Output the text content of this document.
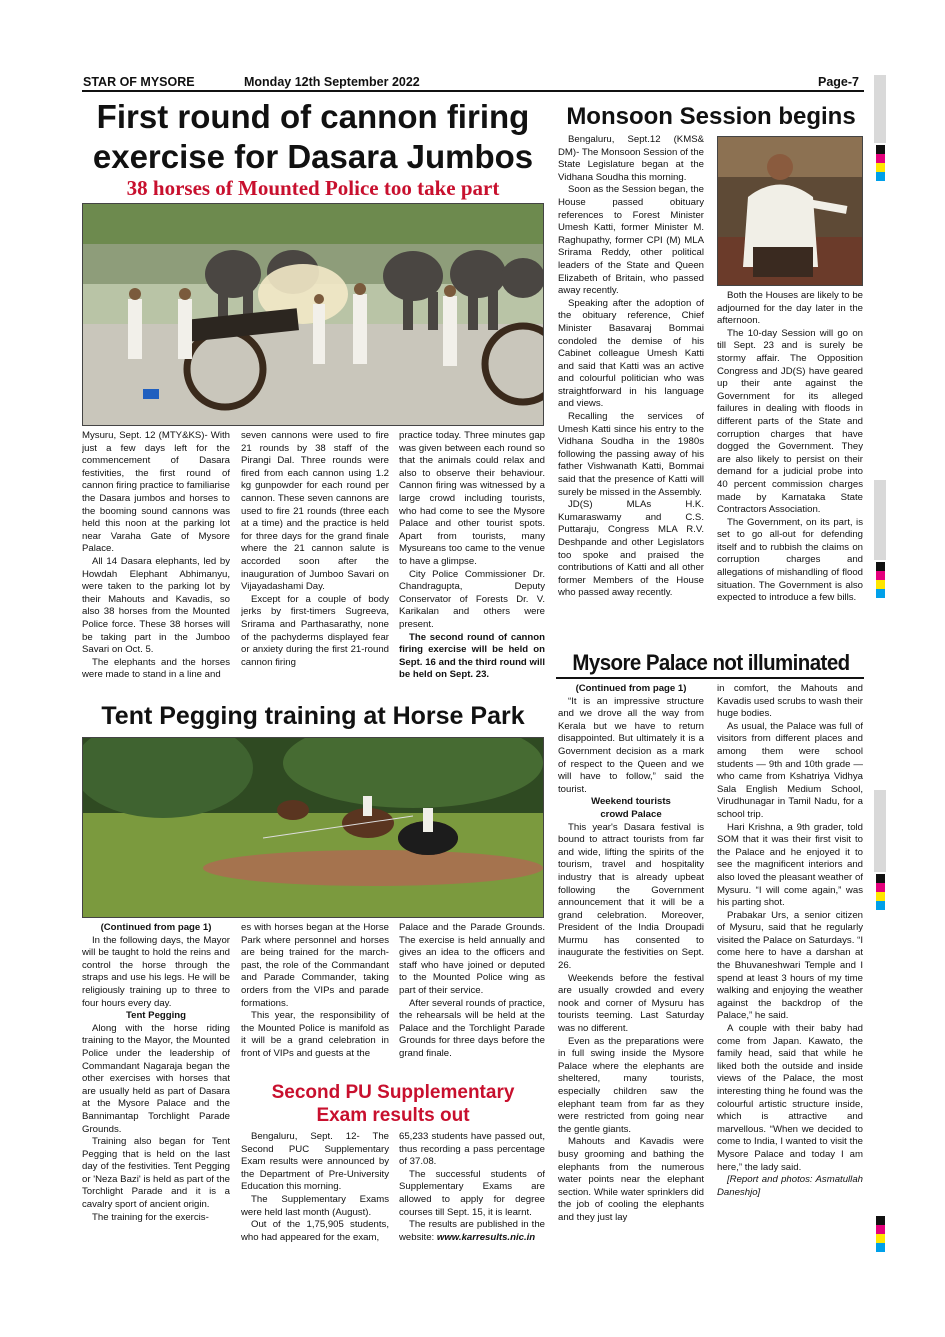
STAR OF MYSORE	Monday 12th September 2022	Page-7
First round of cannon firing
exercise for Dasara Jumbos
38 horses of Mounted Police too take part

Mysuru, Sept. 12 (MTY&KS)- With just a few days left for the commencement of Dasara festivities, the first round of cannon firing practice to familiarise the Dasara jumbos and horses to the booming sound cannons was held this noon at the parking lot near Varaha Gate of Mysore Palace.

All 14 Dasara elephants, led by Howdah Elephant Abhimanyu, were taken to the parking lot by their Mahouts and Kavadis, so also 38 horses from the Mounted Police force. These 38 horses will be taking part in the Jumboo Savari on Oct. 5.

The elephants and the horses were made to stand in a line and

seven cannons were used to fire 21 rounds by 38 staff of the Pirangi Dal. Three rounds were fired from each cannon using 1.2 kg gunpowder for each round per cannon. These seven cannons are used to fire 21 rounds (three each at a time) and the practice is held for three days for the grand finale where the 21 cannon salute is accorded soon after the inauguration of Jumboo Savari on Vijayadashami Day.

Except for a couple of body jerks by first-timers Sugreeva, Srirama and Parthasarathy, none of the pachyderms displayed fear or anxiety during the first 21-round cannon firing

practice today. Three minutes gap was given between each round so that the animals could relax and also to observe their behaviour. Cannon firing was witnessed by a large crowd including tourists, who had come to see the Mysore Palace and other tourist spots. Apart from tourists, many Mysureans too came to the venue to have a glimpse.

City Police Commissioner Dr. Chandragupta, Deputy Conservator of Forests Dr. V. Karikalan and others were present.

The second round of cannon firing exercise will be held on Sept. 16 and the third round will be held on Sept. 23.

Monsoon Session begins

Bengaluru, Sept.12 (KMS& DM)- The Monsoon Session of the State Legislature began at the Vidhana Soudha this morning.

Soon as the Session began, the House passed obituary references to Forest Minister Umesh Katti, former Minister M. Raghupathy, former CPI (M) MLA Srirama Reddy, other political leaders of the State and Queen Elizabeth of Britain, who passed away recently.

Speaking after the adoption of the obituary reference, Chief Minister Basavaraj Bommai condoled the demise of his Cabinet colleague Umesh Katti and said that Katti was an active and colourful politician who was straightforward in his language and views.

Recalling the services of Umesh Katti since his entry to the Vidhana Soudha in the 1980s following the passing away of his father Vishwanath Katti, Bommai said that the presence of Katti will surely be missed in the Assembly.

JD(S) MLAs H.K. Kumaraswamy and C.S. Puttaraju, Congress MLA R.V. Deshpande and other Legislators too spoke and praised the contributions of Katti and all other former Members of the House who passed away recently.

Both the Houses are likely to be adjourned for the day later in the afternoon.

The 10-day Session will go on till Sept. 23 and is surely be stormy affair. The Opposition Congress and JD(S) have geared up their ante against the Government for its alleged failures in dealing with floods in different parts of the State and corruption charges that have dogged the Government. They are also likely to persist on their demand for a judicial probe into 40 percent commission charges made by Karnataka State Contractors Association.

The Government, on its part, is set to go all-out for defending itself and to rubbish the claims on corruption charges and allegations of mishandling of flood situation. The Government is also expected to introduce a few bills.

Tent Pegging training at Horse Park

(Continued from page 1)

In the following days, the Mayor will be taught to hold the reins and control the horse through the straps and use his legs. He will be religiously training up to three to four hours every day.

Tent Pegging

Along with the horse riding training to the Mayor, the Mounted Police under the leadership of Commandant Nagaraja began the other exercises with horses that are usually held as part of Dasara at the Mysore Palace and the Bannimantap Torchlight Parade Grounds.

Training also began for Tent Pegging that is held on the last day of the festivities. Tent Pegging or 'Neza Bazi' is held as part of the Torchlight Parade and it is a cavalry sport of ancient origin.

The training for the exercis-

es with horses began at the Horse Park where personnel and horses are being trained for the march-past, the role of the Commandant and Parade Commander, taking orders from the VIPs and parade formations.

This year, the responsibility of the Mounted Police is manifold as it will be a grand celebration in front of VIPs and guests at the

Palace and the Parade Grounds. The exercise is held annually and gives an idea to the officers and staff who have joined or deputed to the Mounted Police wing as part of their service.

After several rounds of practice, the rehearsals will be held at the Palace and the Torchlight Parade Grounds for three days before the grand finale.

Second PU Supplementary
Exam results out

Bengaluru, Sept. 12- The Second PUC Supplementary Exam results were announced by the Department of Pre-University Education this morning.

The Supplementary Exams were held last month (August).

Out of the 1,75,905 students, who had appeared for the exam,

65,233 students have passed out, thus recording a pass percentage of 37.08.

The successful students of Supplementary Exams are allowed to apply for degree courses till Sept. 15, it is learnt.

The results are published in the website: www.karresults.nic.in

Mysore Palace not illuminated

(Continued from page 1)

“It is an impressive structure and we drove all the way from Kerala but we have to return disappointed. But ultimately it is a Government decision as a mark of respect to the Queen and we will have to follow,” said the tourist.

Weekend tourists

crowd Palace

This year's Dasara festival is bound to attract tourists from far and wide, lifting the spirits of the tourism, travel and hospitality industry that is already upbeat following the Government announcement that it will be a grand celebration. Moreover, President of the India Droupadi Murmu has consented to inaugurate the festivities on Sept. 26.

Weekends before the festival are usually crowded and every nook and corner of Mysuru has tourists teeming. Last Saturday was no different.

Even as the preparations were in full swing inside the Mysore Palace where the elephants are sheltered, many tourists, especially children saw the elephant team from far as they were restricted from going near the gentle giants.

Mahouts and Kavadis were busy grooming and bathing the elephants from the numerous water points near the elephant section. While water sprinklers did the job of cooling the elephants and they just lay

in comfort, the Mahouts and Kavadis used scrubs to wash their huge bodies.

As usual, the Palace was full of visitors from different places and among them were school students — 9th and 10th grade — who came from Kshatriya Vidhya Sala English Medium School, Virudhunagar in Tamil Nadu, for a school trip.

Hari Krishna, a 9th grader, told SOM that it was their first visit to the Palace and he enjoyed it to see the magnificent interiors and also loved the pleasant weather of Mysuru. “I will come again,” was his parting shot.

Prabakar Urs, a senior citizen of Mysuru, said that he regularly visited the Palace on Saturdays. “I come here to have a darshan at the Bhuvaneshwari Temple and I spend at least 3 hours of my time walking and enjoying the weather against the backdrop of the Palace,” he said.

A couple with their baby had come from Japan. Kawato, the family head, said that while he liked both the outside and inside views of the Palace, the most interesting thing he found was the colourful artistic structure inside, which is attractive and marvellous. “When we decided to come to India, I wanted to visit the Mysore Palace and today I am here,” the lady said.

[Report and photos: Asmatullah Daneshjo]
